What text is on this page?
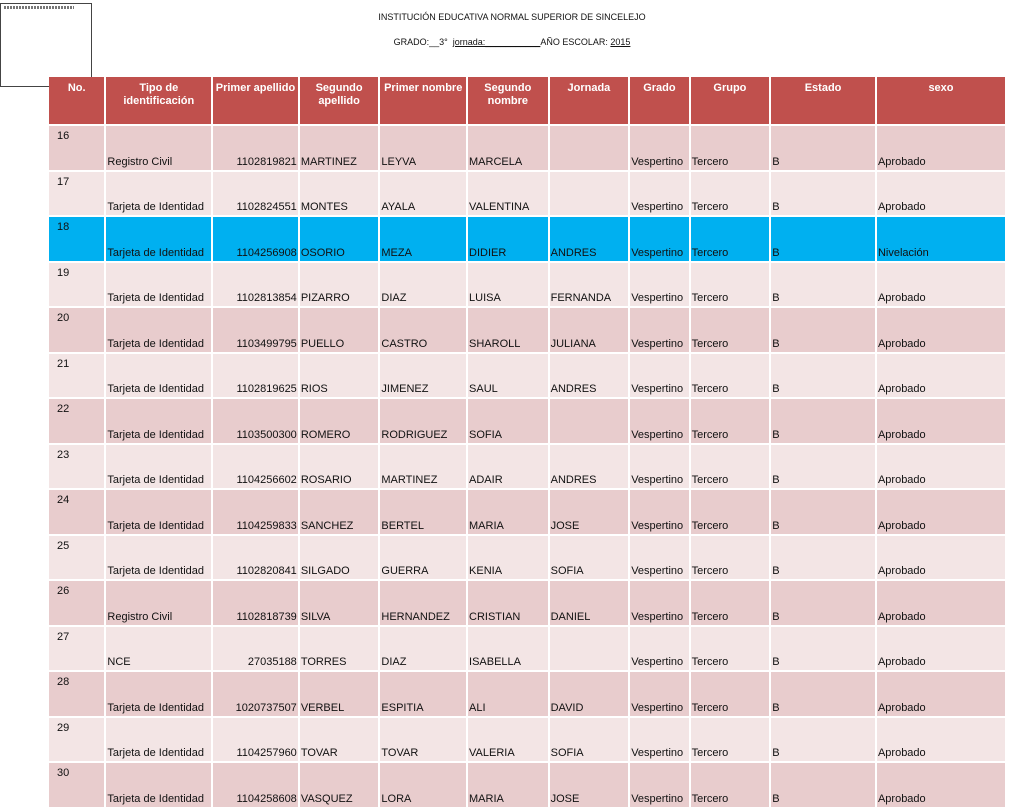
INSTITUCIÓN EDUCATIVA NORMAL SUPERIOR DE SINCELEJO
GRADO:__3° jornada:___________AÑO ESCOLAR: 2015
No.	Tipo de identificación	Primer apellido	Segundo apellido	Primer nombre	Segundo nombre	Jornada	Grado	Grupo	Estado	sexo
16	Registro Civil	1102819821	MARTINEZ	LEYVA	MARCELA		Vespertino	Tercero	B	Aprobado
17	Tarjeta de Identidad	1102824551	MONTES	AYALA	VALENTINA		Vespertino	Tercero	B	Aprobado
18	Tarjeta de Identidad	1104256908	OSORIO	MEZA	DIDIER	ANDRES	Vespertino	Tercero	B	Nivelación
19	Tarjeta de Identidad	1102813854	PIZARRO	DIAZ	LUISA	FERNANDA	Vespertino	Tercero	B	Aprobado
20	Tarjeta de Identidad	1103499795	PUELLO	CASTRO	SHAROLL	JULIANA	Vespertino	Tercero	B	Aprobado
21	Tarjeta de Identidad	1102819625	RIOS	JIMENEZ	SAUL	ANDRES	Vespertino	Tercero	B	Aprobado
22	Tarjeta de Identidad	1103500300	ROMERO	RODRIGUEZ	SOFIA		Vespertino	Tercero	B	Aprobado
23	Tarjeta de Identidad	1104256602	ROSARIO	MARTINEZ	ADAIR	ANDRES	Vespertino	Tercero	B	Aprobado
24	Tarjeta de Identidad	1104259833	SANCHEZ	BERTEL	MARIA	JOSE	Vespertino	Tercero	B	Aprobado
25	Tarjeta de Identidad	1102820841	SILGADO	GUERRA	KENIA	SOFIA	Vespertino	Tercero	B	Aprobado
26	Registro Civil	1102818739	SILVA	HERNANDEZ	CRISTIAN	DANIEL	Vespertino	Tercero	B	Aprobado
27	NCE	27035188	TORRES	DIAZ	ISABELLA		Vespertino	Tercero	B	Aprobado
28	Tarjeta de Identidad	1020737507	VERBEL	ESPITIA	ALI	DAVID	Vespertino	Tercero	B	Aprobado
29	Tarjeta de Identidad	1104257960	TOVAR	TOVAR	VALERIA	SOFIA	Vespertino	Tercero	B	Aprobado
30	Tarjeta de Identidad	1104258608	VASQUEZ	LORA	MARIA	JOSE	Vespertino	Tercero	B	Aprobado
